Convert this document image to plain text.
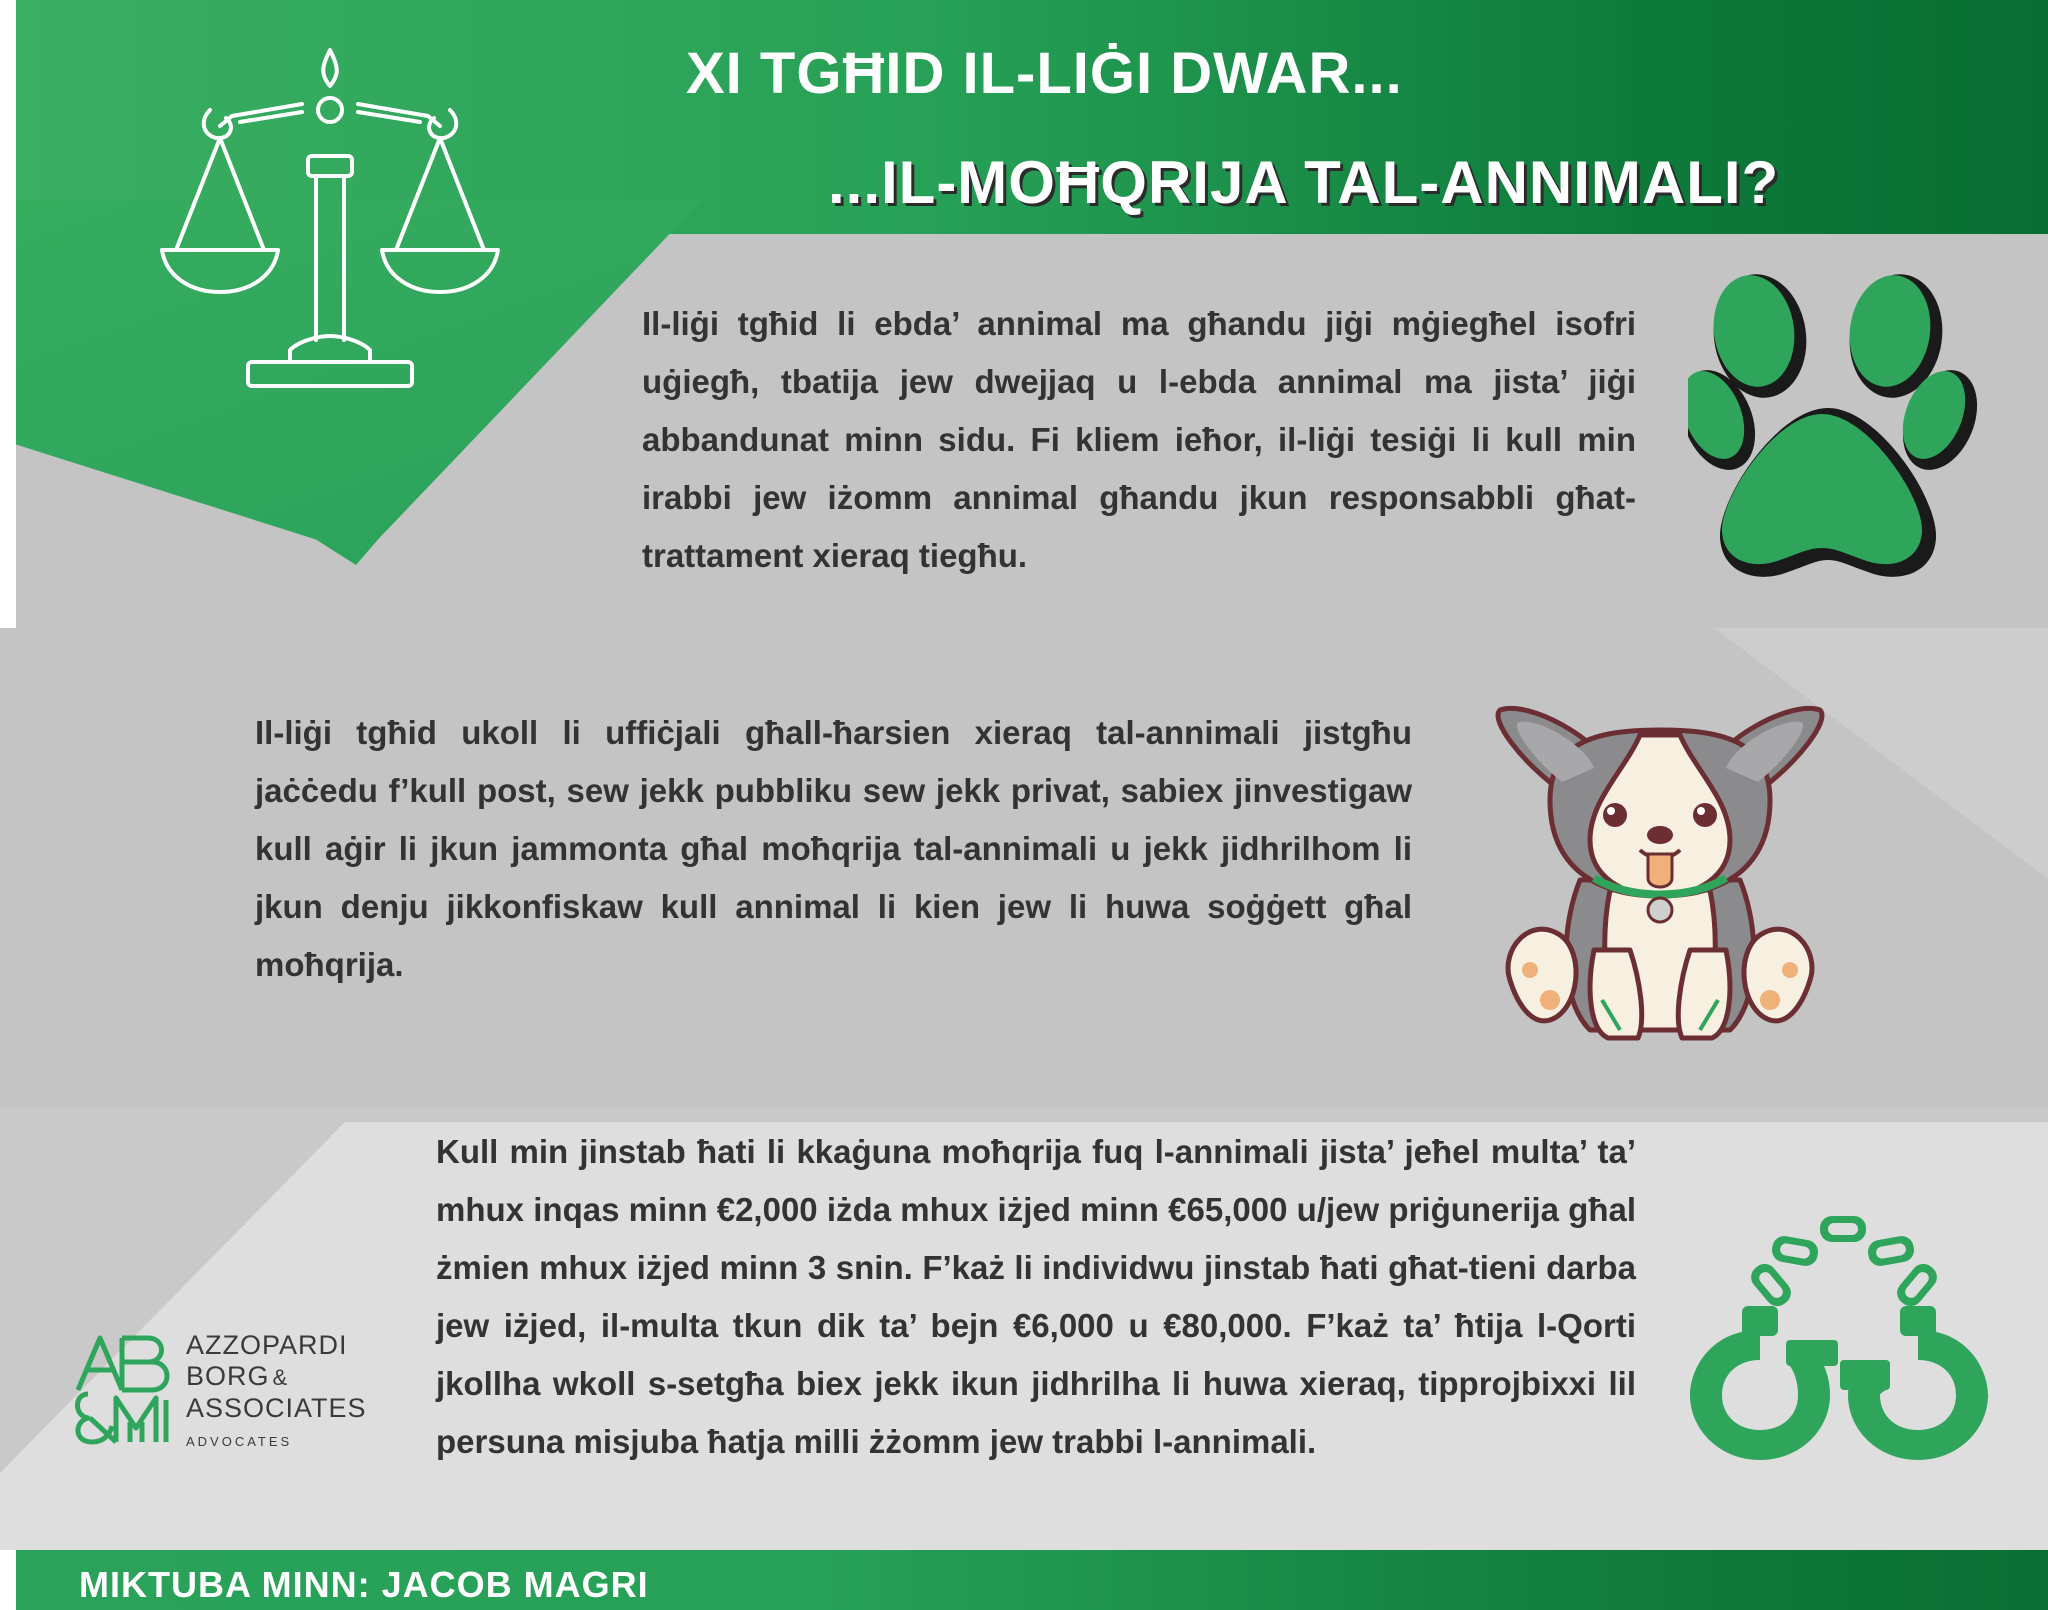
XI TGĦID IL-LIĠI DWAR...
...IL-MOĦQRIJA TAL-ANNIMALI?

Il-liġi tgħid li ebda’ annimal ma għandu jiġi mġiegħel isofri uġiegħ, tbatija jew dwejjaq u l-ebda annimal ma jista’ jiġi abbandunat minn sidu. Fi kliem ieħor, il-liġi tesiġi li kull min irabbi jew iżomm annimal għandu jkun responsabbli għat-trattament xieraq tiegħu.

Il-liġi tgħid ukoll li uffiċjali għall-ħarsien xieraq tal-annimali jistgħu jaċċedu f’kull post, sew jekk pubbliku sew jekk privat, sabiex jinvestigaw kull aġir li jkun jammonta għal moħqrija tal-annimali u jekk jidhrilhom li jkun denju jikkonfiskaw kull annimal li kien jew li huwa soġġett għal moħqrija.

AZZOPARDI
BORG &
ASSOCIATES
ADVOCATES

Kull min jinstab ħati li kkaġuna moħqrija fuq l-annimali jista’ jeħel multa’ ta’ mhux inqas minn €2,000 iżda mhux iżjed minn €65,000 u/jew priġunerija għal żmien mhux iżjed minn 3 snin. F’każ li individwu jinstab ħati għat-tieni darba jew iżjed, il-multa tkun dik ta’ bejn €6,000 u €80,000. F’każ ta’ ħtija l-Qorti jkollha wkoll s-setgħa biex jekk ikun jidhrilha li huwa xieraq, tipprojbixxi lil persuna misjuba ħatja milli żżomm jew trabbi l-annimali.

MIKTUBA MINN: JACOB MAGRI
